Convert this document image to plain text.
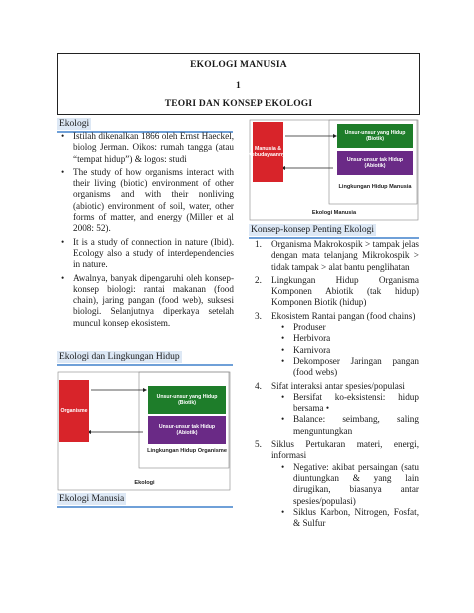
EKOLOGI MANUSIA
1
TEORI DAN KONSEP EKOLOGI
Ekologi
• Istilah dikenalkan 1866 oleh Ernst Haeckel, biolog Jerman. Oikos: rumah tangga (atau “tempat hidup”) & logos: studi
• The study of how organisms interact with their living (biotic) environment of other organisms and with their nonliving (abiotic) environment of soil, water, other forms of matter, and energy (Miller et al 2008: 52).
• It is a study of connection in nature (Ibid). Ecology also a study of interdependencies in nature.
• Awalnya, banyak dipengaruhi oleh konsep-konsep biologi: rantai makanan (food chain), jaring pangan (food web), suksesi biologi. Selanjutnya diperkaya setelah muncul konsep ekosistem.
Ekologi dan Lingkungan Hidup
Organisme
Unsur-unsur yang Hidup (Biotik)
Unsur-unsur tak Hidup (Abiotik)
Lingkungan Hidup Organisme
Ekologi
Ekologi Manusia
Manusia & Kebudayaannya
Unsur-unsur yang Hidup (Biotik)
Unsur-unsur tak Hidup (Abiotik)
Lingkungan Hidup Manusia
Ekologi Manusia
Konsep-konsep Penting Ekologi
1. Organisma Makrokospik > tampak jelas dengan mata telanjang Mikrokospik > tidak tampak > alat bantu penglihatan
2. Lingkungan Hidup Organisma Komponen Abiotik (tak hidup) Komponen Biotik (hidup)
3. Ekosistem Rantai pangan (food chains)
• Produser
• Herbivora
• Karnivora
• Dekomposer Jaringan pangan (food webs)
4. Sifat interaksi antar spesies/populasi
• Bersifat ko-eksistensi: hidup bersama •
• Balance: seimbang, saling menguntungkan
5. Siklus Pertukaran materi, energi, informasi
• Negative: akibat persaingan (satu diuntungkan & yang lain dirugikan, biasanya antar spesies/populasi)
• Siklus Karbon, Nitrogen, Fosfat, & Sulfur
